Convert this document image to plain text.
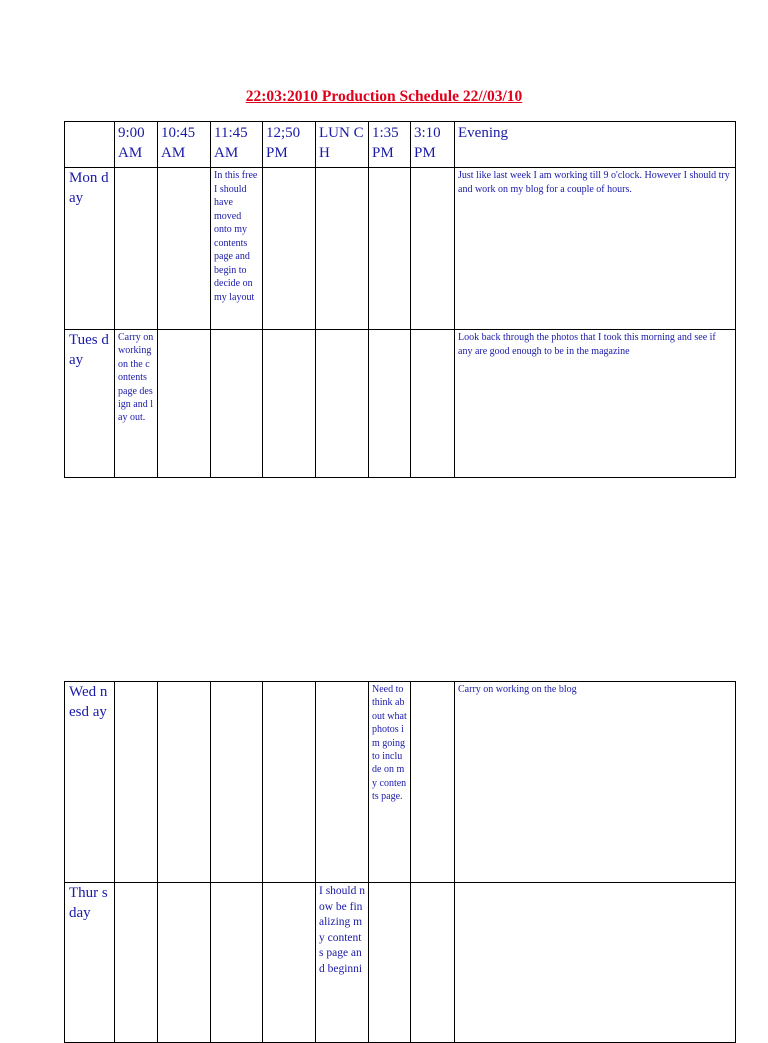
22:03:2010 Production Schedule 22//03/10
	9:00 AM	10:45 AM	11:45 AM	12;50 PM	LUN CH	1:35 PM	3:10 PM	Evening
Mon day			In this free I should have moved onto my contents page and begin to decide on my layout					Just like last week I am working till 9 o'clock. However I should try and work on my blog for a couple of hours.
Tues day	Carry on working on the contents page design and lay out.							Look back through the photos that I took this morning and see if any are good enough to be in the magazine
Wed nesd ay						Need to think about what photos im going to include on my contents page.		Carry on working on the blog
Thur sday					I should now be finalizing my contents page and beginni			
